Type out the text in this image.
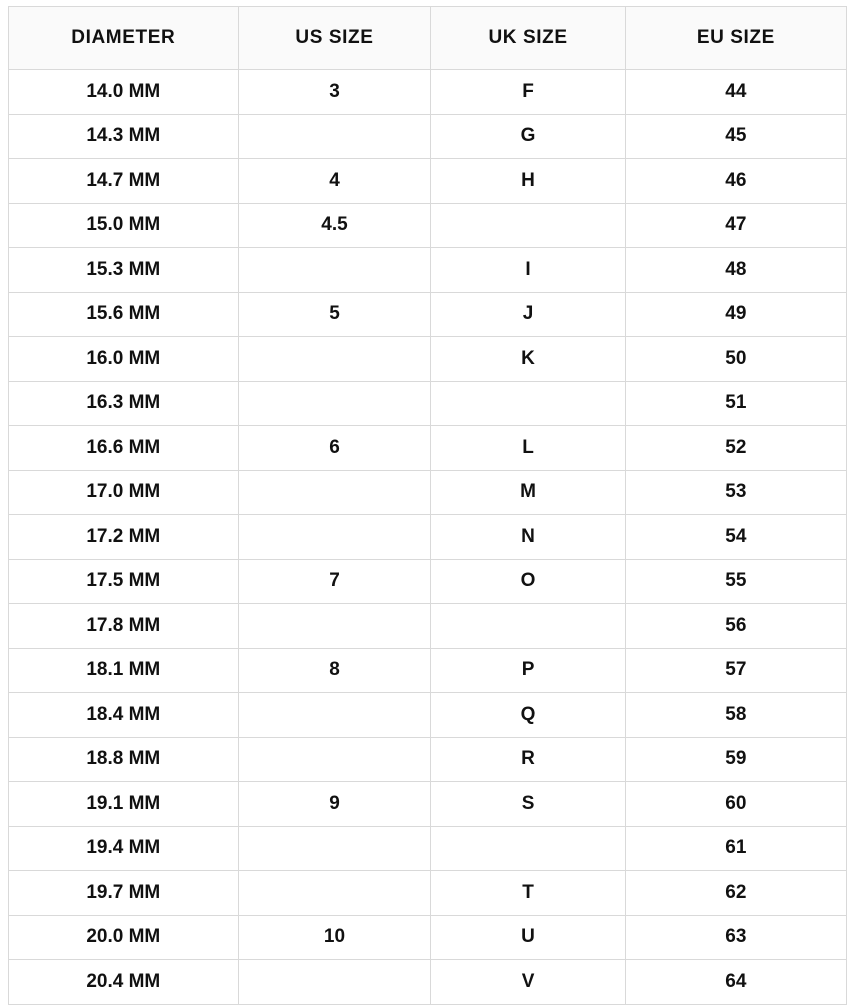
DIAMETER	US SIZE	UK SIZE	EU SIZE
14.0 MM	3	F	44
14.3 MM		G	45
14.7 MM	4	H	46
15.0 MM	4.5		47
15.3 MM		I	48
15.6 MM	5	J	49
16.0 MM		K	50
16.3 MM			51
16.6 MM	6	L	52
17.0 MM		M	53
17.2 MM		N	54
17.5 MM	7	O	55
17.8 MM			56
18.1 MM	8	P	57
18.4 MM		Q	58
18.8 MM		R	59
19.1 MM	9	S	60
19.4 MM			61
19.7 MM		T	62
20.0 MM	10	U	63
20.4 MM		V	64
